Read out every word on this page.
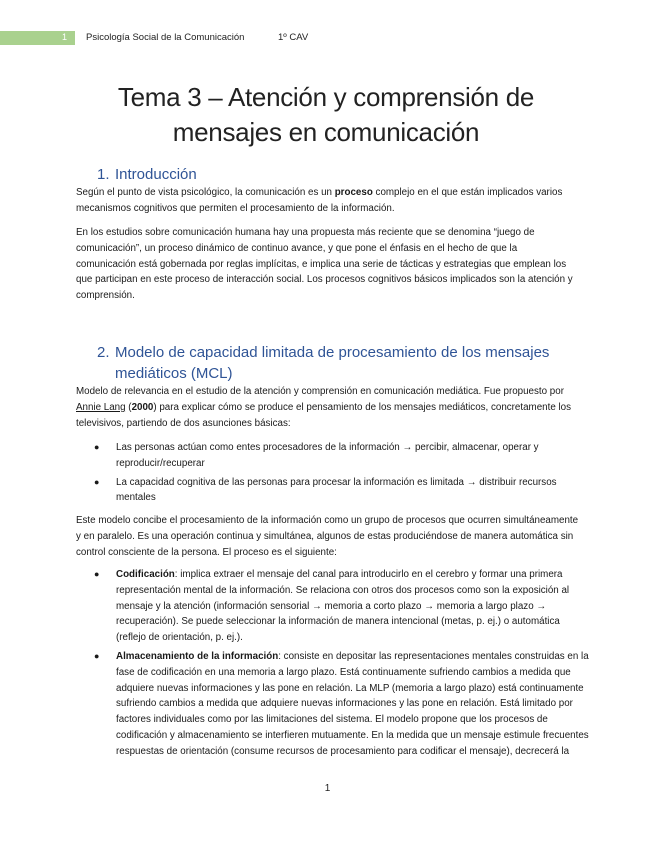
1 Psicología Social de la Comunicación	1º CAV
Tema 3 – Atención y comprensión de mensajes en comunicación
1. Introducción

Según el punto de vista psicológico, la comunicación es un proceso complejo en el que están implicados varios mecanismos cognitivos que permiten el procesamiento de la información.

En los estudios sobre comunicación humana hay una propuesta más reciente que se denomina “juego de comunicación”, un proceso dinámico de continuo avance, y que pone el énfasis en el hecho de que la comunicación está gobernada por reglas implícitas, e implica una serie de tácticas y estrategias que emplean los que participan en este proceso de interacción social. Los procesos cognitivos básicos implicados son la atención y comprensión.

2. Modelo de capacidad limitada de procesamiento de los mensajes
mediáticos (MCL)

Modelo de relevancia en el estudio de la atención y comprensión en comunicación mediática. Fue propuesto por Annie Lang (2000) para explicar cómo se produce el pensamiento de los mensajes mediáticos, concretamente los televisivos, partiendo de dos asunciones básicas:

● Las personas actúan como entes procesadores de la información → percibir, almacenar, operar y reproducir/recuperar
● La capacidad cognitiva de las personas para procesar la información es limitada → distribuir recursos mentales

Este modelo concibe el procesamiento de la información como un grupo de procesos que ocurren simultáneamente y en paralelo. Es una operación continua y simultánea, algunos de estas produciéndose de manera automática sin control consciente de la persona. El proceso es el siguiente:

● Codificación: implica extraer el mensaje del canal para introducirlo en el cerebro y formar una primera representación mental de la información. Se relaciona con otros dos procesos como son la exposición al mensaje y la atención (información sensorial → memoria a corto plazo → memoria a largo plazo → recuperación). Se puede seleccionar la información de manera intencional (metas, p. ej.) o automática (reflejo de orientación, p. ej.).
● Almacenamiento de la información: consiste en depositar las representaciones mentales construidas en la fase de codificación en una memoria a largo plazo. Está continuamente sufriendo cambios a medida que adquiere nuevas informaciones y las pone en relación. La MLP (memoria a largo plazo) está continuamente sufriendo cambios a medida que adquiere nuevas informaciones y las pone en relación. Está limitado por factores individuales como por las limitaciones del sistema. El modelo propone que los procesos de codificación y almacenamiento se interfieren mutuamente. En la medida que un mensaje estimule frecuentes respuestas de orientación (consume recursos de procesamiento para codificar el mensaje), decrecerá la
1
